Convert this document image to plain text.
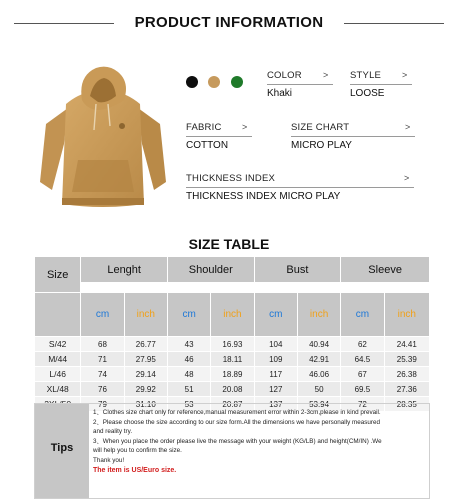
PRODUCT INFORMATION
COLOR >
Khaki
STYLE >
LOOSE
FABRIC >
COTTON
SIZE CHART	>
MICRO PLAY
THICKNESS INDEX	>
THICKNESS INDEX MICRO PLAY
SIZE TABLE
Size	Lenght		Shoulder		Bust		Sleeve	

	cm	inch	cm	inch	cm	inch	cm	inch
S/42	68	26.77	43	16.93	104	40.94	62	24.41
M/44	71	27.95	46	18.11	109	42.91	64.5	25.39
L/46	74	29.14	48	18.89	117	46.06	67	26.38
XL/48	76	29.92	51	20.08	127	50	69.5	27.36
	79	31.10	53	20.87	137	53.94	72	28.35
Tips
1、Clothes size chart only for reference,manual measurement error within 2-3cm,please in kind prevail.
2、Please choose the size according to our size form.All the dimensions we have personally measured
and reality try.
3、When you place the order please live the message with your weight (KG/LB) and height(CM/IN) .We
will help you to confirm the size.
Thank you!
The item is US/Euro size.
